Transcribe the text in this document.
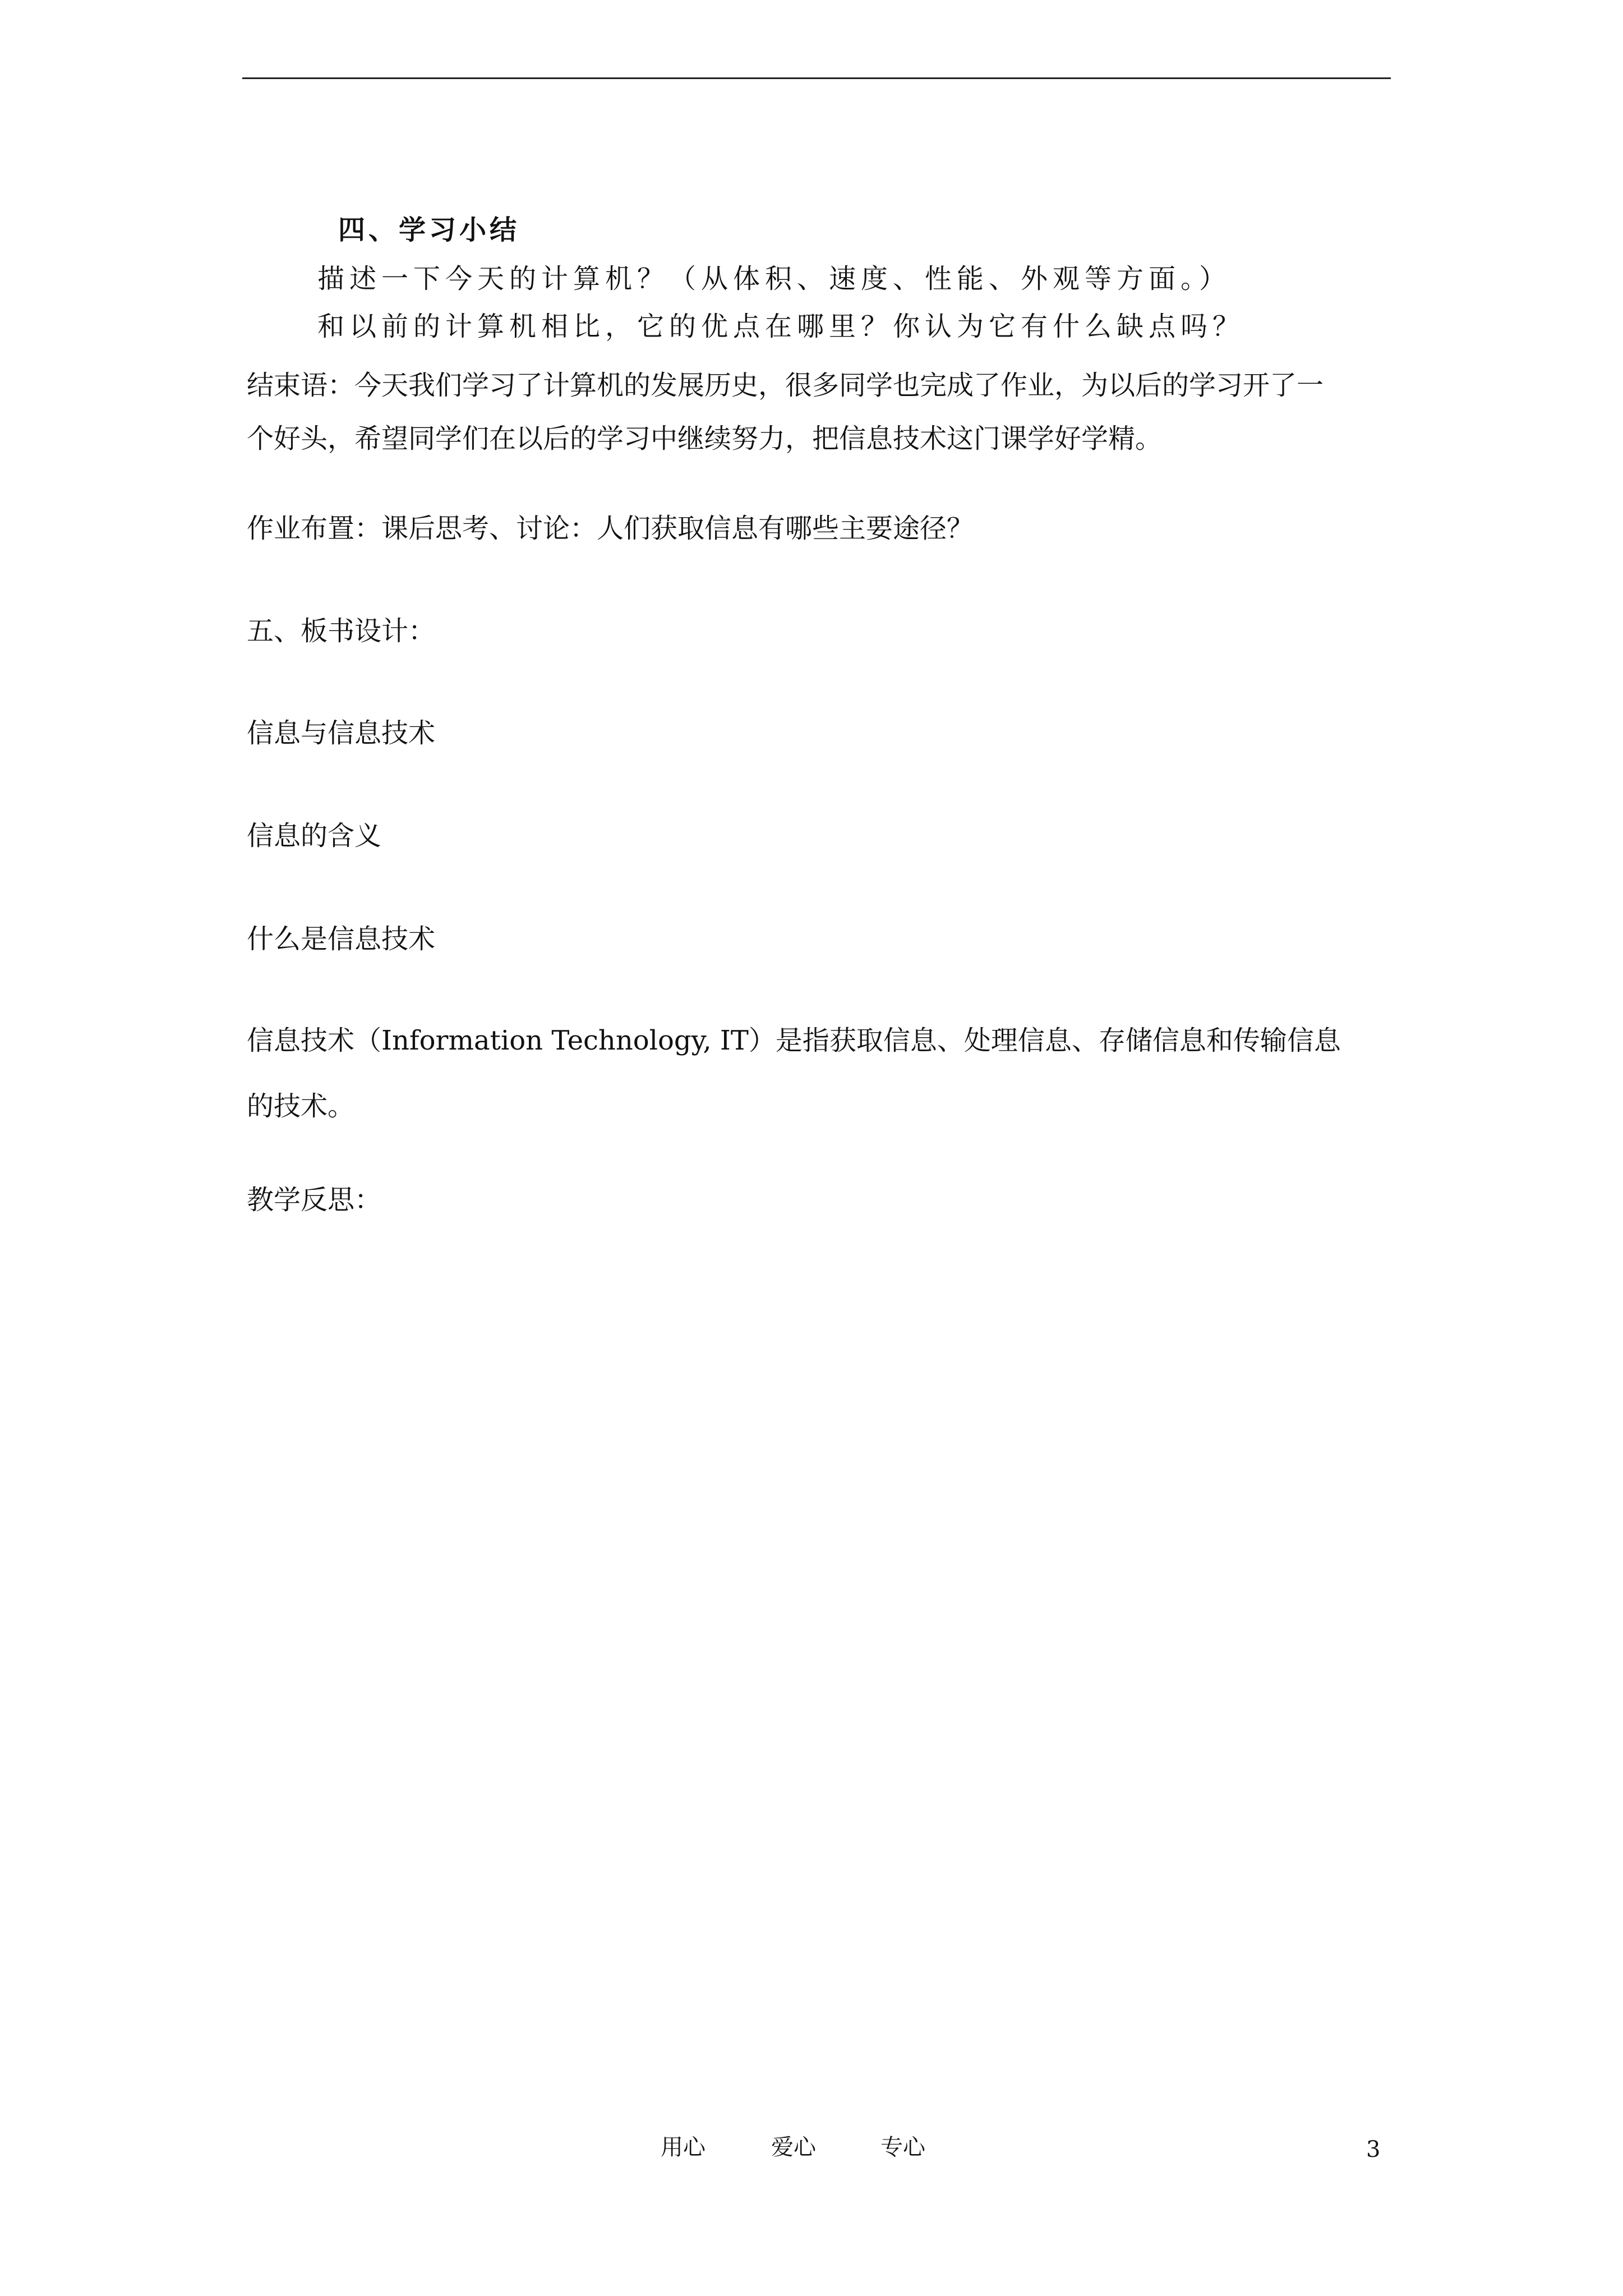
四、学习小结
描述一下今天的计算机？（从体积、速度、性能、外观等方面。）
和以前的计算机相比，它的优点在哪里？你认为它有什么缺点吗？
结束语：今天我们学习了计算机的发展历史，很多同学也完成了作业，为以后的学习开了一
个好头，希望同学们在以后的学习中继续努力，把信息技术这门课学好学精。
作业布置：课后思考、讨论：人们获取信息有哪些主要途径？
五、板书设计：
信息与信息技术
信息的含义
什么是信息技术
信息技术（Information Technology, IT）是指获取信息、处理信息、存储信息和传输信息
的技术。
教学反思：
用心	爱心	专心	3
